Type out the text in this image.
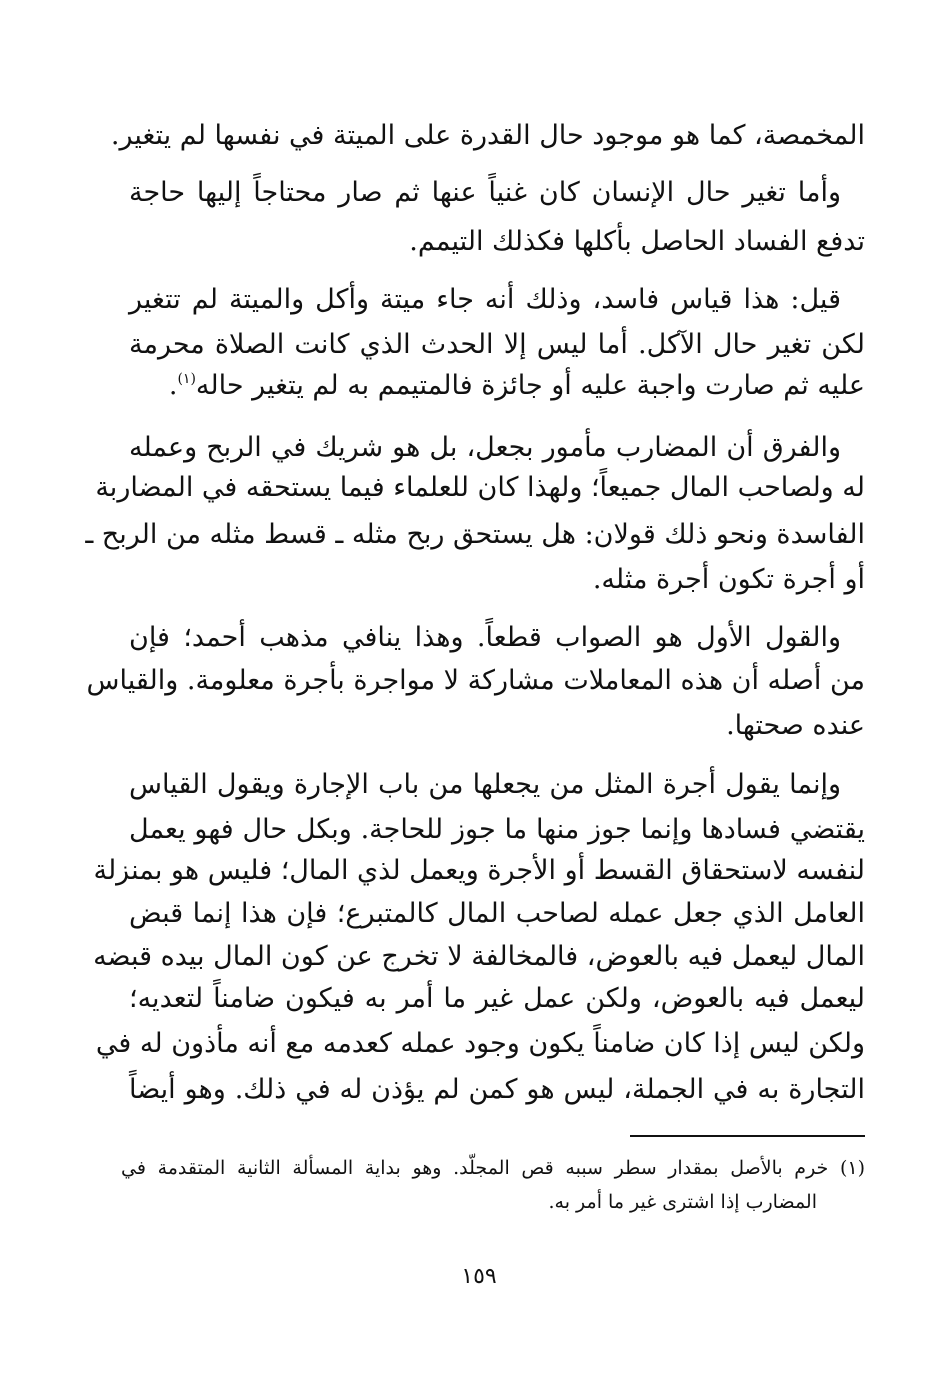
المخمصة، كما هو موجود حال القدرة على الميتة في نفسها لم يتغير.
وأما تغير حال الإنسان كان غنياً عنها ثم صار محتاجاً إليها حاجة
تدفع الفساد الحاصل بأكلها فكذلك التيمم.
قيل: هذا قياس فاسد، وذلك أنه جاء ميتة وأكل والميتة لم تتغير
لكن تغير حال الآكل. أما ليس إلا الحدث الذي كانت الصلاة محرمة
عليه ثم صارت واجبة عليه أو جائزة فالمتيمم به لم يتغير حاله$^{(١)}$.
والفرق أن المضارب مأمور بجعل، بل هو شريك في الربح وعمله
له ولصاحب المال جميعاً؛ ولهذا كان للعلماء فيما يستحقه في المضاربة
الفاسدة ونحو ذلك قولان: هل يستحق ربح مثله ـ قسط مثله من الربح ـ
أو أجرة تكون أجرة مثله.
والقول الأول هو الصواب قطعاً. وهذا ينافي مذهب أحمد؛ فإن
من أصله أن هذه المعاملات مشاركة لا مواجرة بأجرة معلومة. والقياس
عنده صحتها.
وإنما يقول أجرة المثل من يجعلها من باب الإجارة ويقول القياس
يقتضي فسادها وإنما جوز منها ما جوز للحاجة. وبكل حال فهو يعمل
لنفسه لاستحقاق القسط أو الأجرة ويعمل لذي المال؛ فليس هو بمنزلة
العامل الذي جعل عمله لصاحب المال كالمتبرع؛ فإن هذا إنما قبض
المال ليعمل فيه بالعوض، فالمخالفة لا تخرج عن كون المال بيده قبضه
ليعمل فيه بالعوض، ولكن عمل غير ما أمر به فيكون ضامناً لتعديه؛
ولكن ليس إذا كان ضامناً يكون وجود عمله كعدمه مع أنه مأذون له في
التجارة به في الجملة، ليس هو كمن لم يؤذن له في ذلك. وهو أيضاً
(١) خرم بالأصل بمقدار سطر سببه قص المجلّد. وهو بداية المسألة الثانية المتقدمة في
المضارب إذا اشترى غير ما أمر به.
١٥٩
